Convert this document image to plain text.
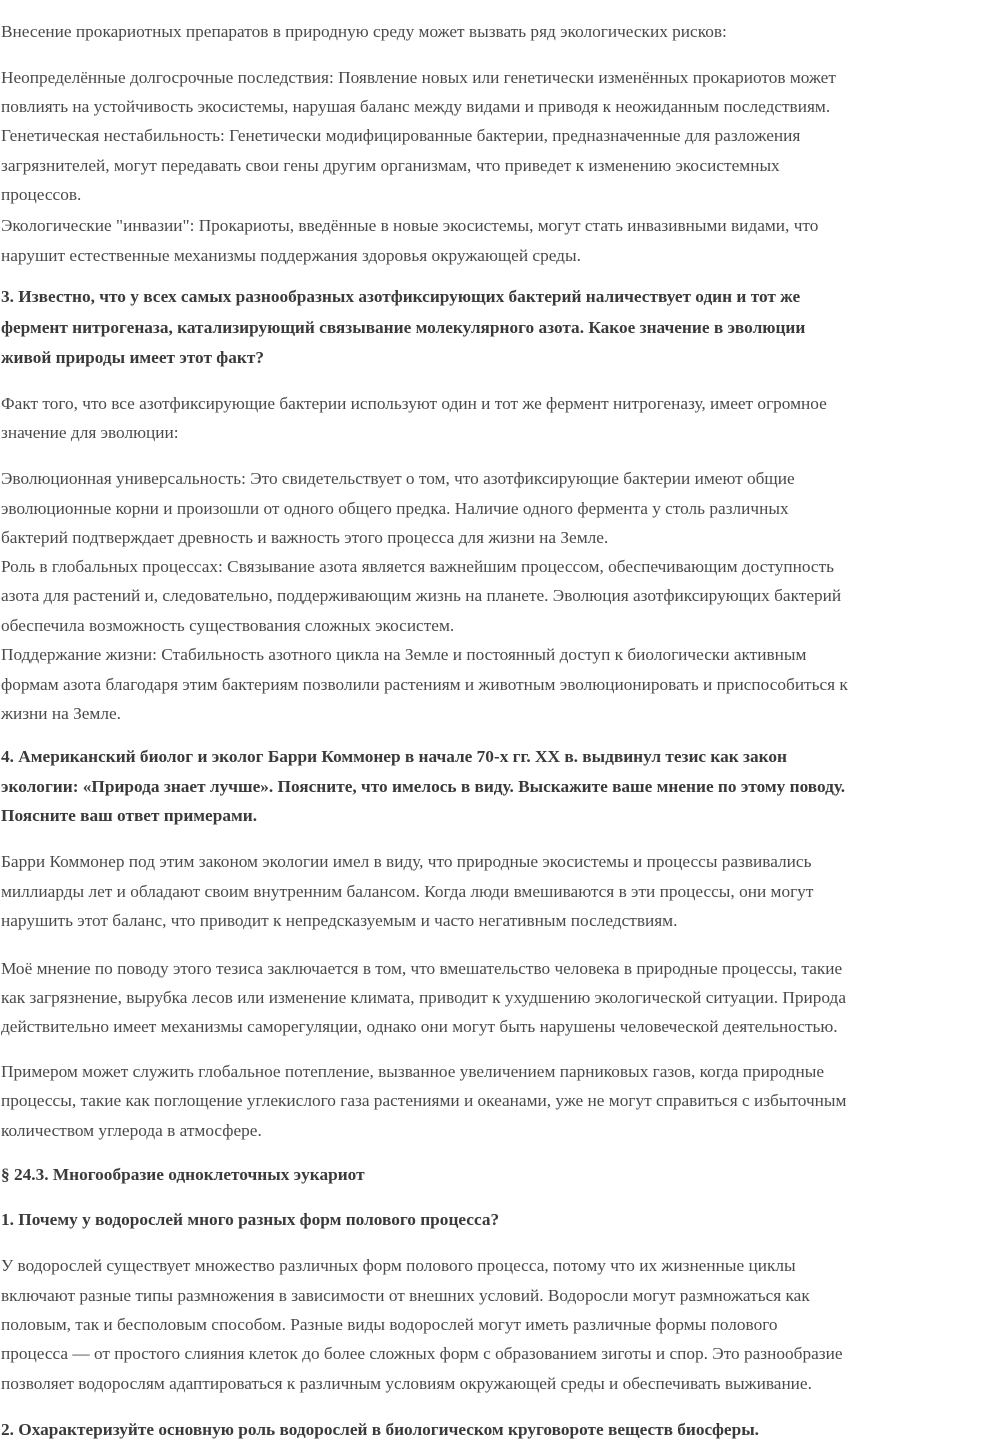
Внесение прокариотных препаратов в природную среду может вызвать ряд экологических рисков:
Неопределённые долгосрочные последствия: Появление новых или генетически изменённых прокариотов может
повлиять на устойчивость экосистемы, нарушая баланс между видами и приводя к неожиданным последствиям.
Генетическая нестабильность: Генетически модифицированные бактерии, предназначенные для разложения
загрязнителей, могут передавать свои гены другим организмам, что приведет к изменению экосистемных
процессов.
Экологические "инвазии": Прокариоты, введённые в новые экосистемы, могут стать инвазивными видами, что
нарушит естественные механизмы поддержания здоровья окружающей среды.
3. Известно, что у всех самых разнообразных азотфиксирующих бактерий наличествует один и тот же
фермент нитрогеназа, катализирующий связывание молекулярного азота. Какое значение в эволюции
живой природы имеет этот факт?
Факт того, что все азотфиксирующие бактерии используют один и тот же фермент нитрогеназу, имеет огромное
значение для эволюции:
Эволюционная универсальность: Это свидетельствует о том, что азотфиксирующие бактерии имеют общие
эволюционные корни и произошли от одного общего предка. Наличие одного фермента у столь различных
бактерий подтверждает древность и важность этого процесса для жизни на Земле.
Роль в глобальных процессах: Связывание азота является важнейшим процессом, обеспечивающим доступность
азота для растений и, следовательно, поддерживающим жизнь на планете. Эволюция азотфиксирующих бактерий
обеспечила возможность существования сложных экосистем.
Поддержание жизни: Стабильность азотного цикла на Земле и постоянный доступ к биологически активным
формам азота благодаря этим бактериям позволили растениям и животным эволюционировать и приспособиться к
жизни на Земле.
4. Американский биолог и эколог Барри Коммонер в начале 70-х гг. XX в. выдвинул тезис как закон
экологии: «Природа знает лучше». Поясните, что имелось в виду. Выскажите ваше мнение по этому поводу.
Поясните ваш ответ примерами.
Барри Коммонер под этим законом экологии имел в виду, что природные экосистемы и процессы развивались
миллиарды лет и обладают своим внутренним балансом. Когда люди вмешиваются в эти процессы, они могут
нарушить этот баланс, что приводит к непредсказуемым и часто негативным последствиям.
Моё мнение по поводу этого тезиса заключается в том, что вмешательство человека в природные процессы, такие
как загрязнение, вырубка лесов или изменение климата, приводит к ухудшению экологической ситуации. Природа
действительно имеет механизмы саморегуляции, однако они могут быть нарушены человеческой деятельностью.
Примером может служить глобальное потепление, вызванное увеличением парниковых газов, когда природные
процессы, такие как поглощение углекислого газа растениями и океанами, уже не могут справиться с избыточным
количеством углерода в атмосфере.
§ 24.3. Многообразие одноклеточных эукариот
1. Почему у водорослей много разных форм полового процесса?
У водорослей существует множество различных форм полового процесса, потому что их жизненные циклы
включают разные типы размножения в зависимости от внешних условий. Водоросли могут размножаться как
половым, так и бесполовым способом. Разные виды водорослей могут иметь различные формы полового
процесса — от простого слияния клеток до более сложных форм с образованием зиготы и спор. Это разнообразие
позволяет водорослям адаптироваться к различным условиям окружающей среды и обеспечивать выживание.
2. Охарактеризуйте основную роль водорослей в биологическом круговороте веществ биосферы.
